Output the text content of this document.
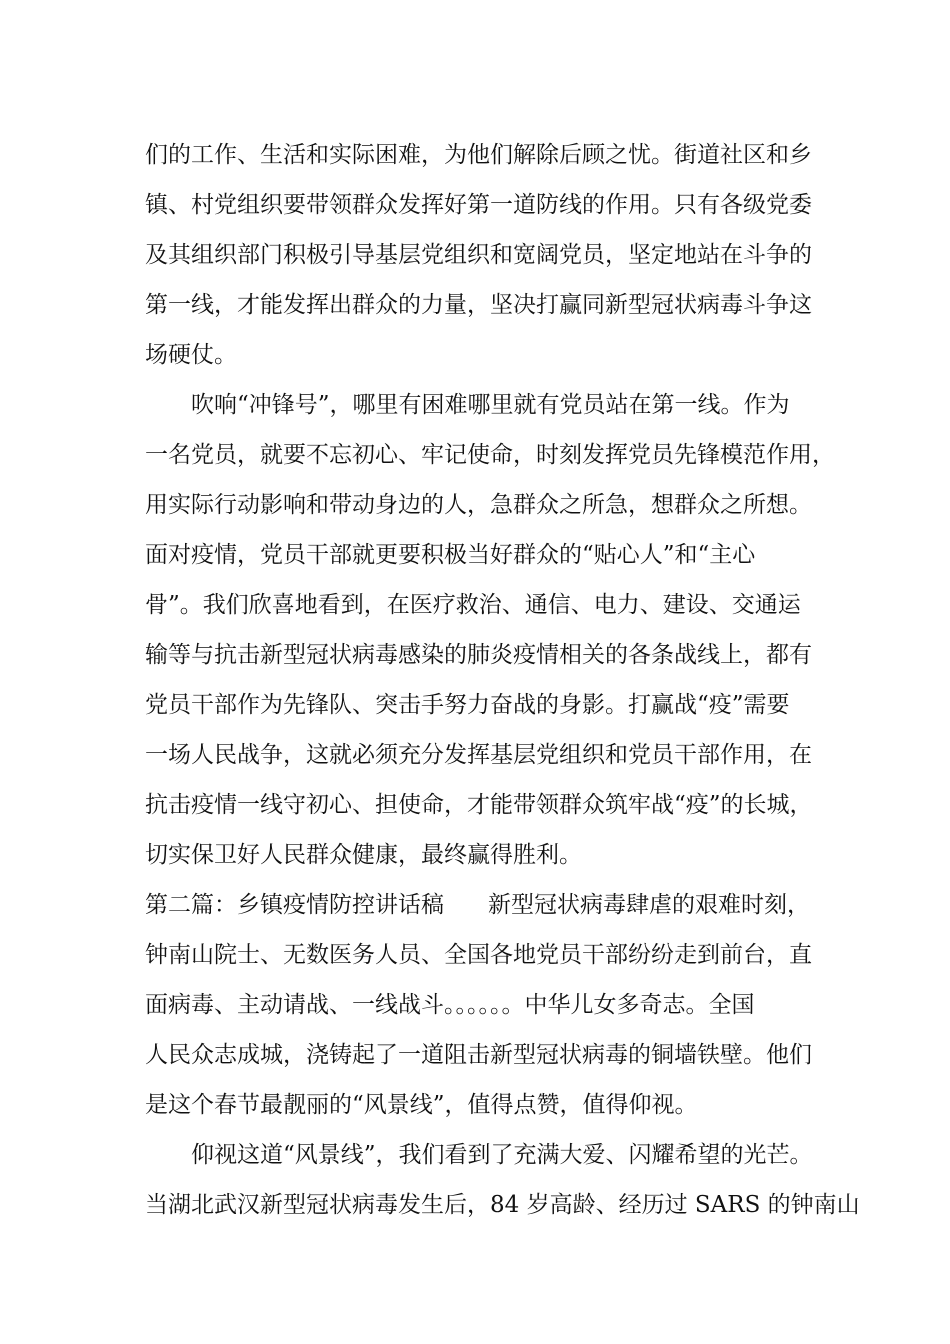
们的工作、生活和实际困难，为他们解除后顾之忧。街道社区和乡
镇、村党组织要带领群众发挥好第一道防线的作用。只有各级党委
及其组织部门积极引导基层党组织和宽阔党员，坚定地站在斗争的
第一线，才能发挥出群众的力量，坚决打赢同新型冠状病毒斗争这
场硬仗。
吹响“冲锋号”，哪里有困难哪里就有党员站在第一线。作为
一名党员，就要不忘初心、牢记使命，时刻发挥党员先锋模范作用，
用实际行动影响和带动身边的人，急群众之所急，想群众之所想。
面对疫情，党员干部就更要积极当好群众的“贴心人”和“主心
骨”。我们欣喜地看到，在医疗救治、通信、电力、建设、交通运
输等与抗击新型冠状病毒感染的肺炎疫情相关的各条战线上，都有
党员干部作为先锋队、突击手努力奋战的身影。打赢战“疫”需要
一场人民战争，这就必须充分发挥基层党组织和党员干部作用，在
抗击疫情一线守初心、担使命，才能带领群众筑牢战“疫”的长城，
切实保卫好人民群众健康，最终赢得胜利。
第二篇：乡镇疫情防控讲话稿 新型冠状病毒肆虐的艰难时刻，
钟南山院士、无数医务人员、全国各地党员干部纷纷走到前台，直
面病毒、主动请战、一线战斗。。。。。。中华儿女多奇志。全国
人民众志成城，浇铸起了一道阻击新型冠状病毒的铜墙铁壁。他们
是这个春节最靓丽的“风景线”，值得点赞，值得仰视。
仰视这道“风景线”，我们看到了充满大爱、闪耀希望的光芒。
当湖北武汉新型冠状病毒发生后，84 岁高龄、经历过 SARS 的钟南山
